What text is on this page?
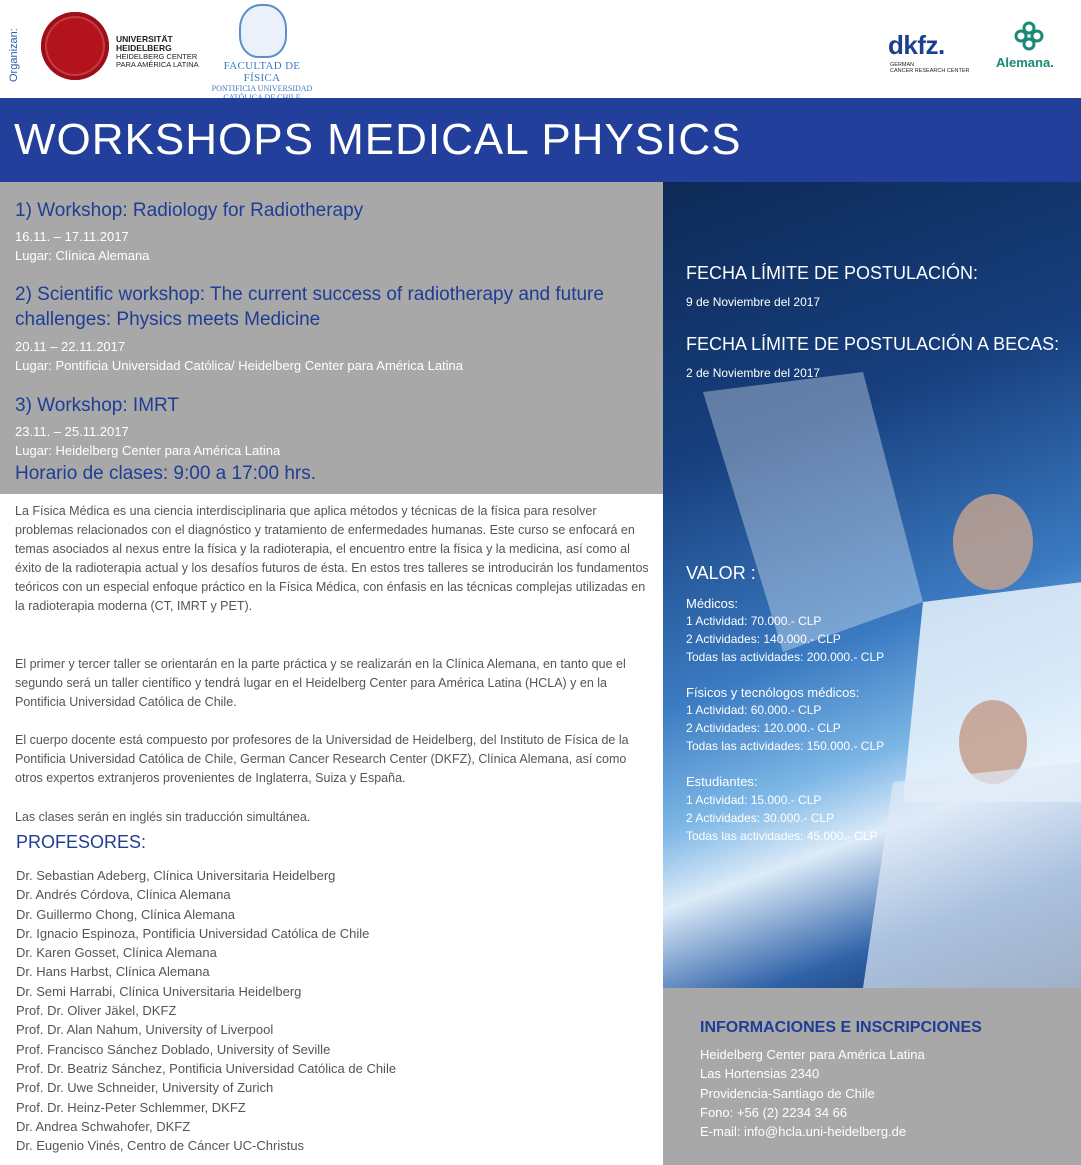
Organizan:	UNIVERSITÄT
HEIDELBERG
HEIDELBERG CENTER
PARA AMÉRICA LATINA	FACULTAD DE FÍSICA
PONTIFICIA UNIVERSIDAD
dkfz.
GERMAN
CANCER RESEARCH CENTER
Alemana.
WORKSHOPS MEDICAL PHYSICS
1) Workshop: Radiology for Radiotherapy
16.11. – 17.11.2017
Lugar: Clínica Alemana
2) Scientific workshop: The current success of radiotherapy and future challenges: Physics meets Medicine
20.11 – 22.11.2017
Lugar: Pontificia Universidad Católica/ Heidelberg Center para América Latina
3) Workshop: IMRT
23.11. – 25.11.2017
Lugar: Heidelberg Center para América Latina
Horario de clases: 9:00 a 17:00 hrs.
FECHA LÍMITE DE POSTULACIÓN:
9 de Noviembre del 2017
FECHA LÍMITE DE POSTULACIÓN A BECAS:
2 de Noviembre del 2017
VALOR :
Médicos:
1 Actividad: 70.000.- CLP
2 Actividades: 140.000.- CLP
Todas las actividades: 200.000.- CLP
Físicos y tecnólogos médicos:
1 Actividad: 60.000.- CLP
2 Actividades: 120.000.- CLP
Todas las actividades: 150.000.- CLP
Estudiantes:
1 Actividad: 15.000.- CLP
2 Actividades: 30.000.- CLP
Todas las actividades: 45.000.- CLP
INFORMACIONES E INSCRIPCIONES
Heidelberg Center para América Latina
Las Hortensias 2340
Providencia-Santiago de Chile
Fono: +56 (2) 2234 34 66
E-mail: info@hcla.uni-heidelberg.de
La Física Médica es una ciencia interdisciplinaria que aplica métodos y técnicas de la física para resolver problemas relacionados con el diagnóstico y tratamiento de enfermedades humanas. Este curso se enfocará en temas asociados al nexus entre la física y la radioterapia, el encuentro entre la física y la medicina, así como al éxito de la radioterapia actual y los desafíos futuros de ésta. En estos tres talleres se introducirán los fundamentos teóricos con un especial enfoque práctico en la Física Médica, con énfasis en las técnicas complejas utilizadas en la radioterapia moderna (CT, IMRT y PET).
El primer y tercer taller se orientarán en la parte práctica y se realizarán en la Clínica Alemana, en tanto que el segundo será un taller científico y tendrá lugar en el Heidelberg Center para América Latina (HCLA) y en la Pontificia Universidad Católica de Chile.
El cuerpo docente está compuesto por profesores de la Universidad de Heidelberg, del Instituto de Física de la Pontificia Universidad Católica de Chile, German Cancer Research Center (DKFZ), Clínica Alemana, así como otros expertos extranjeros provenientes de Inglaterra, Suiza y España.
Las clases serán en inglés sin traducción simultánea.
PROFESORES:
Dr. Sebastian Adeberg, Clínica Universitaria Heidelberg
Dr. Andrés Córdova, Clínica Alemana
Dr. Guillermo Chong, Clínica Alemana
Dr. Ignacio Espinoza, Pontificia Universidad Católica de Chile
Dr. Karen Gosset, Clínica Alemana
Dr. Hans Harbst, Clínica Alemana
Dr. Semi Harrabi, Clínica Universitaria Heidelberg
Prof. Dr. Oliver Jäkel, DKFZ
Prof. Dr. Alan Nahum, University of Liverpool
Prof. Francisco Sánchez Doblado, University of Seville
Prof. Dr. Beatriz Sánchez, Pontificia Universidad Católica de Chile
Prof. Dr. Uwe Schneider, University of Zurich
Prof. Dr. Heinz-Peter Schlemmer, DKFZ
Dr. Andrea Schwahofer, DKFZ
Dr. Eugenio Vinés, Centro de Cáncer UC-Christus
